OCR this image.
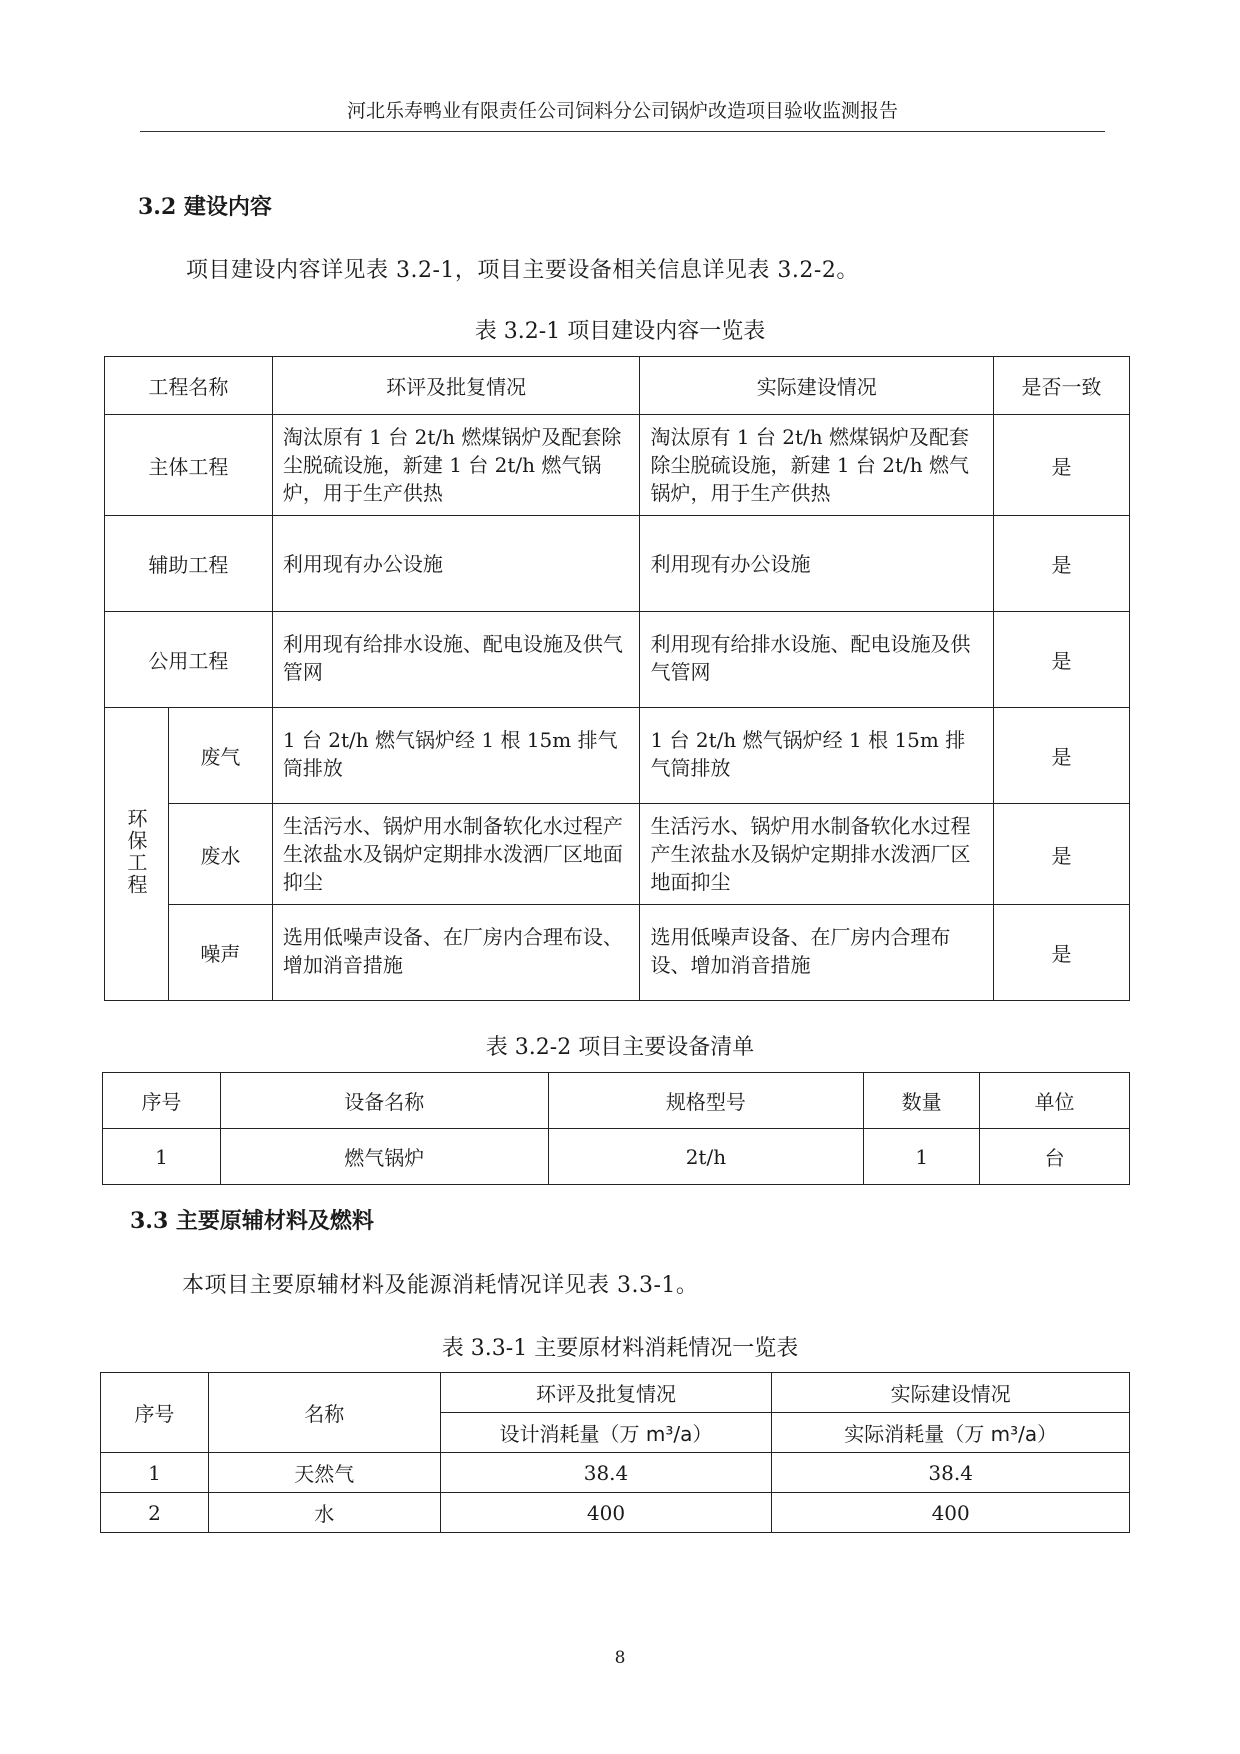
河北乐寿鸭业有限责任公司饲料分公司锅炉改造项目验收监测报告
3.2 建设内容
项目建设内容详见表 3.2-1，项目主要设备相关信息详见表 3.2-2。
表 3.2-1 项目建设内容一览表
工程名称		环评及批复情况	实际建设情况	是否一致
主体工程		淘汰原有 1 台 2t/h 燃煤锅炉及配套除尘脱硫设施，新建 1 台 2t/h 燃气锅炉，用于生产供热	淘汰原有 1 台 2t/h 燃煤锅炉及配套除尘脱硫设施，新建 1 台 2t/h 燃气锅炉，用于生产供热	是
辅助工程		利用现有办公设施	利用现有办公设施	是
公用工程		利用现有给排水设施、配电设施及供气管网	利用现有给排水设施、配电设施及供气管网	是
环保工程	废气	1 台 2t/h 燃气锅炉经 1 根 15m 排气筒排放	1 台 2t/h 燃气锅炉经 1 根 15m 排气筒排放	是
	废水	生活污水、锅炉用水制备软化水过程产生浓盐水及锅炉定期排水泼洒厂区地面抑尘	生活污水、锅炉用水制备软化水过程产生浓盐水及锅炉定期排水泼洒厂区地面抑尘	是
	噪声	选用低噪声设备、在厂房内合理布设、增加消音措施	选用低噪声设备、在厂房内合理布设、增加消音措施	是
表 3.2-2 项目主要设备清单
序号	设备名称	规格型号	数量	单位
1	燃气锅炉	2t/h	1	台
3.3 主要原辅材料及燃料
本项目主要原辅材料及能源消耗情况详见表 3.3-1。
表 3.3-1 主要原材料消耗情况一览表
序号	名称	环评及批复情况	实际建设情况
		设计消耗量（万 m³/a）	实际消耗量（万 m³/a）
1	天然气	38.4	38.4
2	水	400	400
8
